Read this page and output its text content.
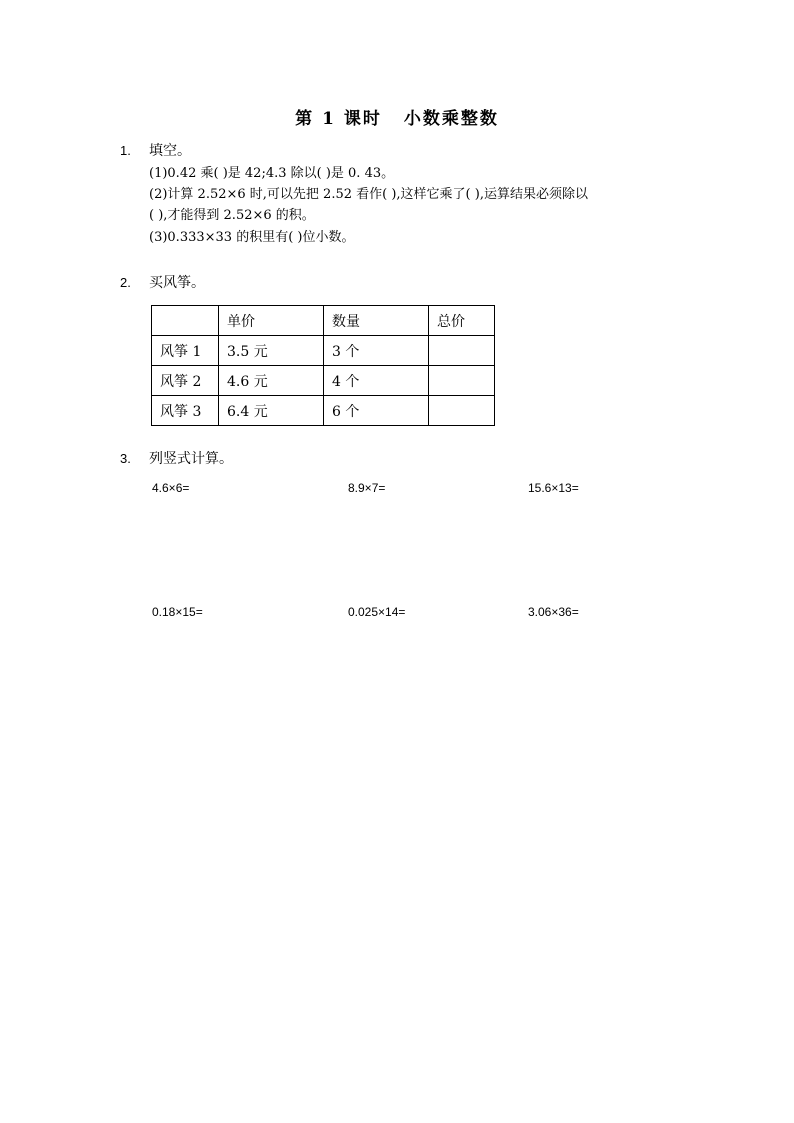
第 1 课时 小数乘整数
1. 填空。
(1)0.42 乘( )是 42;4.3 除以( )是 0. 43。
(2)计算 2.52×6 时,可以先把 2.52 看作( ),这样它乘了( ),运算结果必须除以
( ),才能得到 2.52×6 的积。
(3)0.333×33 的积里有( )位小数。
2. 买风筝。
	单价	数量	总价
风筝 1	3.5 元	3 个	
风筝 2	4.6 元	4 个	
风筝 3	6.4 元	6 个	
3. 列竖式计算。
4.6×6=	8.9×7=	15.6×13=
0.18×15=	0.025×14=	3.06×36=
